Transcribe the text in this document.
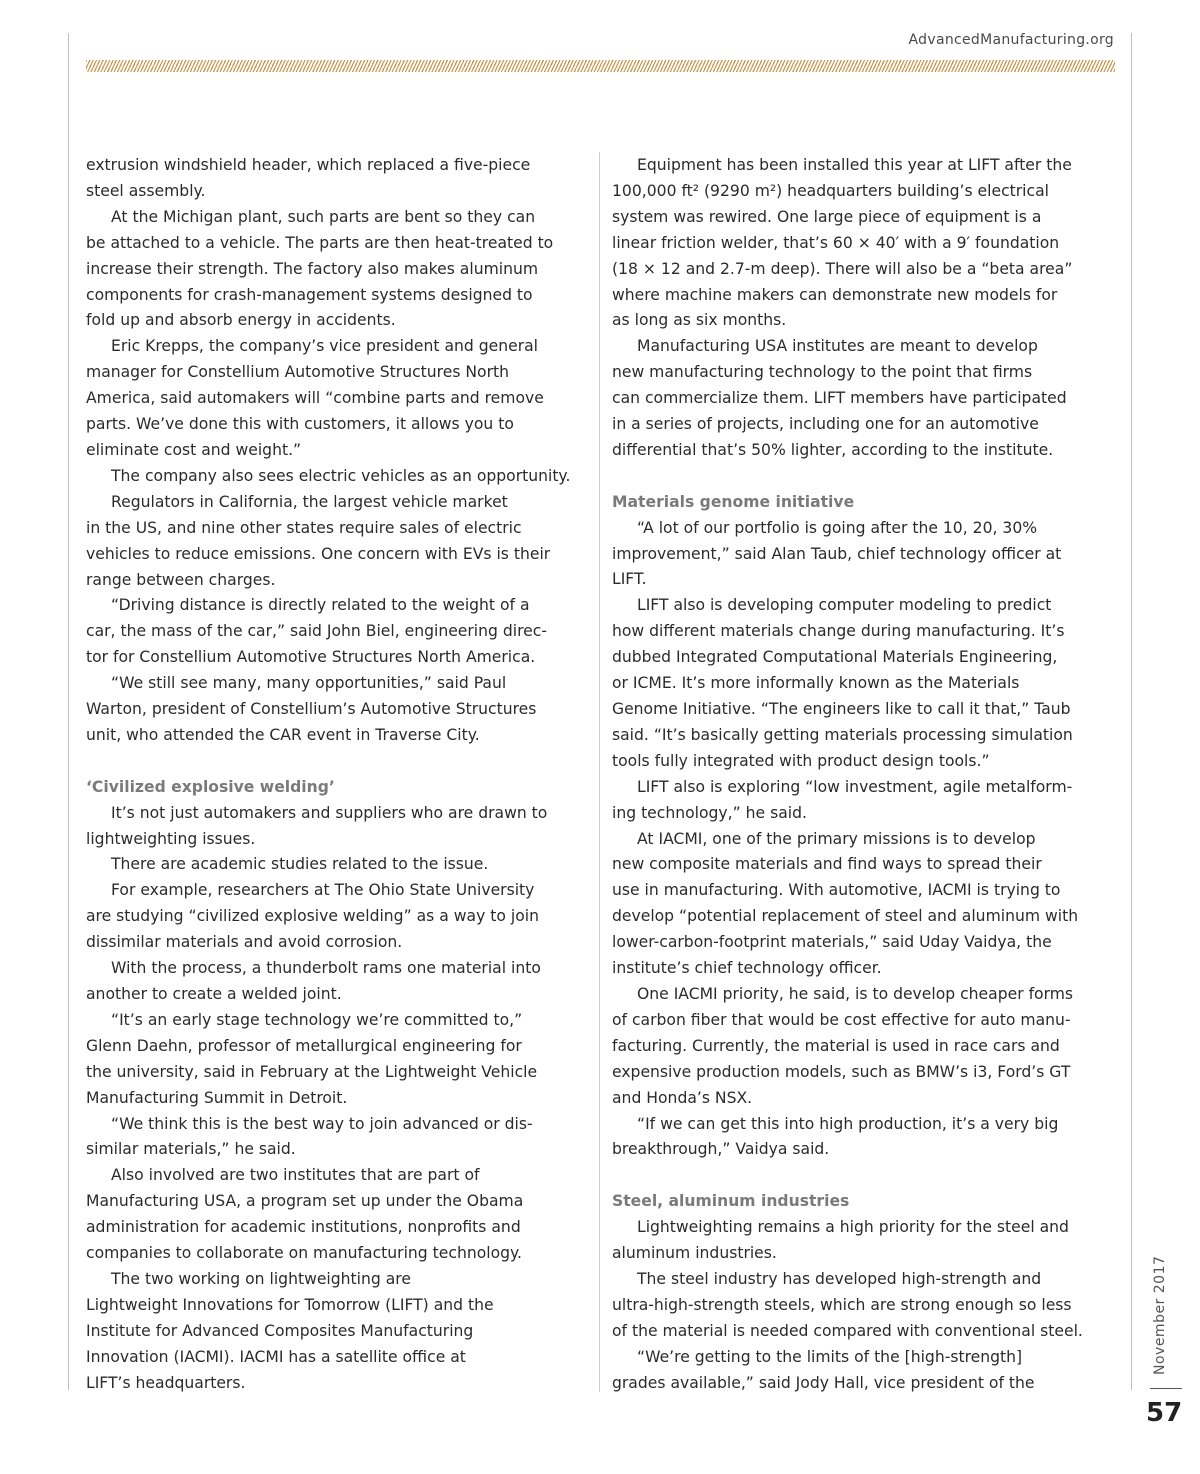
AdvancedManufacturing.org

extrusion windshield header, which replaced a five-piece

steel assembly.

At the Michigan plant, such parts are bent so they can

be attached to a vehicle. The parts are then heat-treated to

increase their strength. The factory also makes aluminum

components for crash-management systems designed to

fold up and absorb energy in accidents.

Eric Krepps, the company’s vice president and general

manager for Constellium Automotive Structures North

America, said automakers will “combine parts and remove

parts. We’ve done this with customers, it allows you to

eliminate cost and weight.”

The company also sees electric vehicles as an opportunity.

Regulators in California, the largest vehicle market

in the US, and nine other states require sales of electric

vehicles to reduce emissions. One concern with EVs is their

range between charges.

“Driving distance is directly related to the weight of a

car, the mass of the car,” said John Biel, engineering direc-

tor for Constellium Automotive Structures North America.

“We still see many, many opportunities,” said Paul

Warton, president of Constellium’s Automotive Structures

unit, who attended the CAR event in Traverse City.

‘Civilized explosive welding’

It’s not just automakers and suppliers who are drawn to

lightweighting issues.

There are academic studies related to the issue.

For example, researchers at The Ohio State University

are studying “civilized explosive welding” as a way to join

dissimilar materials and avoid corrosion.

With the process, a thunderbolt rams one material into

another to create a welded joint.

“It’s an early stage technology we’re committed to,”

Glenn Daehn, professor of metallurgical engineering for

the university, said in February at the Lightweight Vehicle

Manufacturing Summit in Detroit.

“We think this is the best way to join advanced or dis-

similar materials,” he said.

Also involved are two institutes that are part of

Manufacturing USA, a program set up under the Obama

administration for academic institutions, nonprofits and

companies to collaborate on manufacturing technology.

The two working on lightweighting are

Lightweight Innovations for Tomorrow (LIFT) and the

Institute for Advanced Composites Manufacturing

Innovation (IACMI). IACMI has a satellite office at

LIFT’s headquarters.

Equipment has been installed this year at LIFT after the

100,000 ft² (9290 m²) headquarters building’s electrical

system was rewired. One large piece of equipment is a

linear friction welder, that’s 60 × 40′ with a 9′ foundation

(18 × 12 and 2.7-m deep). There will also be a “beta area”

where machine makers can demonstrate new models for

as long as six months.

Manufacturing USA institutes are meant to develop

new manufacturing technology to the point that firms

can commercialize them. LIFT members have participated

in a series of projects, including one for an automotive

differential that’s 50% lighter, according to the institute.

Materials genome initiative

“A lot of our portfolio is going after the 10, 20, 30%

improvement,” said Alan Taub, chief technology officer at

LIFT.

LIFT also is developing computer modeling to predict

how different materials change during manufacturing. It’s

dubbed Integrated Computational Materials Engineering,

or ICME. It’s more informally known as the Materials

Genome Initiative. “The engineers like to call it that,” Taub

said. “It’s basically getting materials processing simulation

tools fully integrated with product design tools.”

LIFT also is exploring “low investment, agile metalform-

ing technology,” he said.

At IACMI, one of the primary missions is to develop

new composite materials and find ways to spread their

use in manufacturing. With automotive, IACMI is trying to

develop “potential replacement of steel and aluminum with

lower-carbon-footprint materials,” said Uday Vaidya, the

institute’s chief technology officer.

One IACMI priority, he said, is to develop cheaper forms

of carbon fiber that would be cost effective for auto manu-

facturing. Currently, the material is used in race cars and

expensive production models, such as BMW’s i3, Ford’s GT

and Honda’s NSX.

“If we can get this into high production, it’s a very big

breakthrough,” Vaidya said.

Steel, aluminum industries

Lightweighting remains a high priority for the steel and

aluminum industries.

The steel industry has developed high-strength and

ultra-high-strength steels, which are strong enough so less

of the material is needed compared with conventional steel.

“We’re getting to the limits of the [high-strength]

grades available,” said Jody Hall, vice president of the

November 2017
57
